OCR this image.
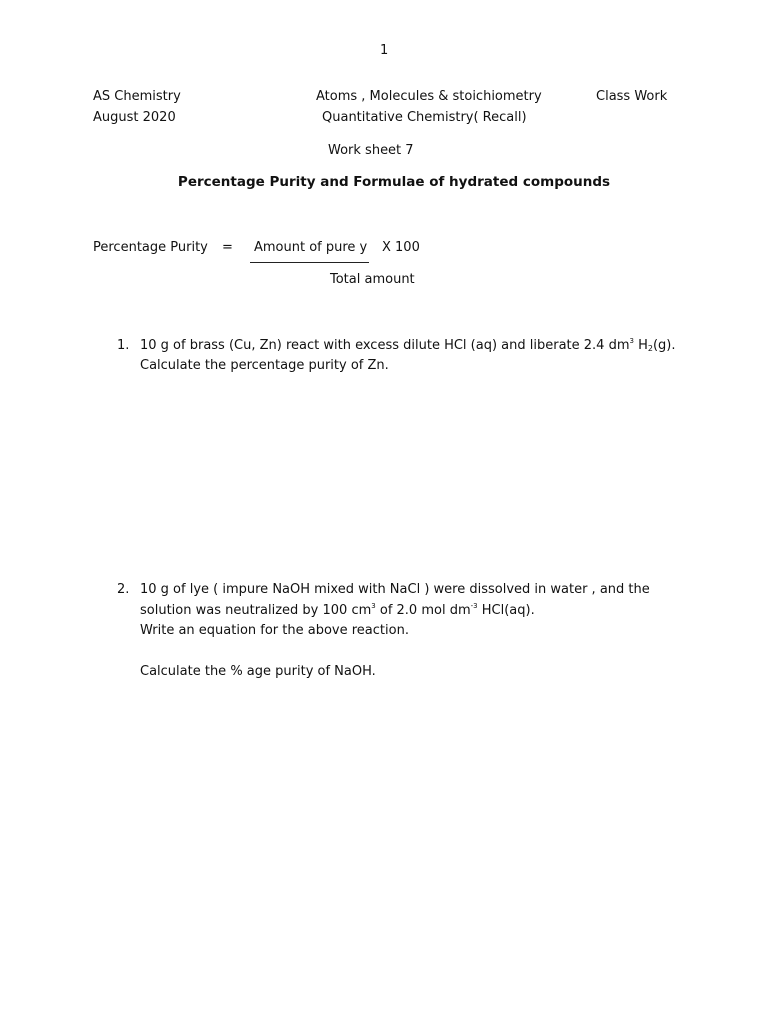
1
AS Chemistry
August 2020
Atoms , Molecules & stoichiometry
Quantitative Chemistry( Recall)
Class Work
Work sheet 7
Percentage Purity and Formulae of hydrated compounds
Percentage Purity = Amount of pure y X 100
Total amount
1. 10 g of brass (Cu, Zn) react with excess dilute HCl (aq) and liberate 2.4 $dm^3$ $H_2(g)$.
Calculate the percentage purity of Zn.
2. 10 g of lye ( impure NaOH mixed with NaCl ) were dissolved in water , and the
solution was neutralized by 100 $cm^3$ of 2.0 mol $dm^{-3}$ HCl(aq).
Write an equation for the above reaction.
Calculate the % age purity of NaOH.
